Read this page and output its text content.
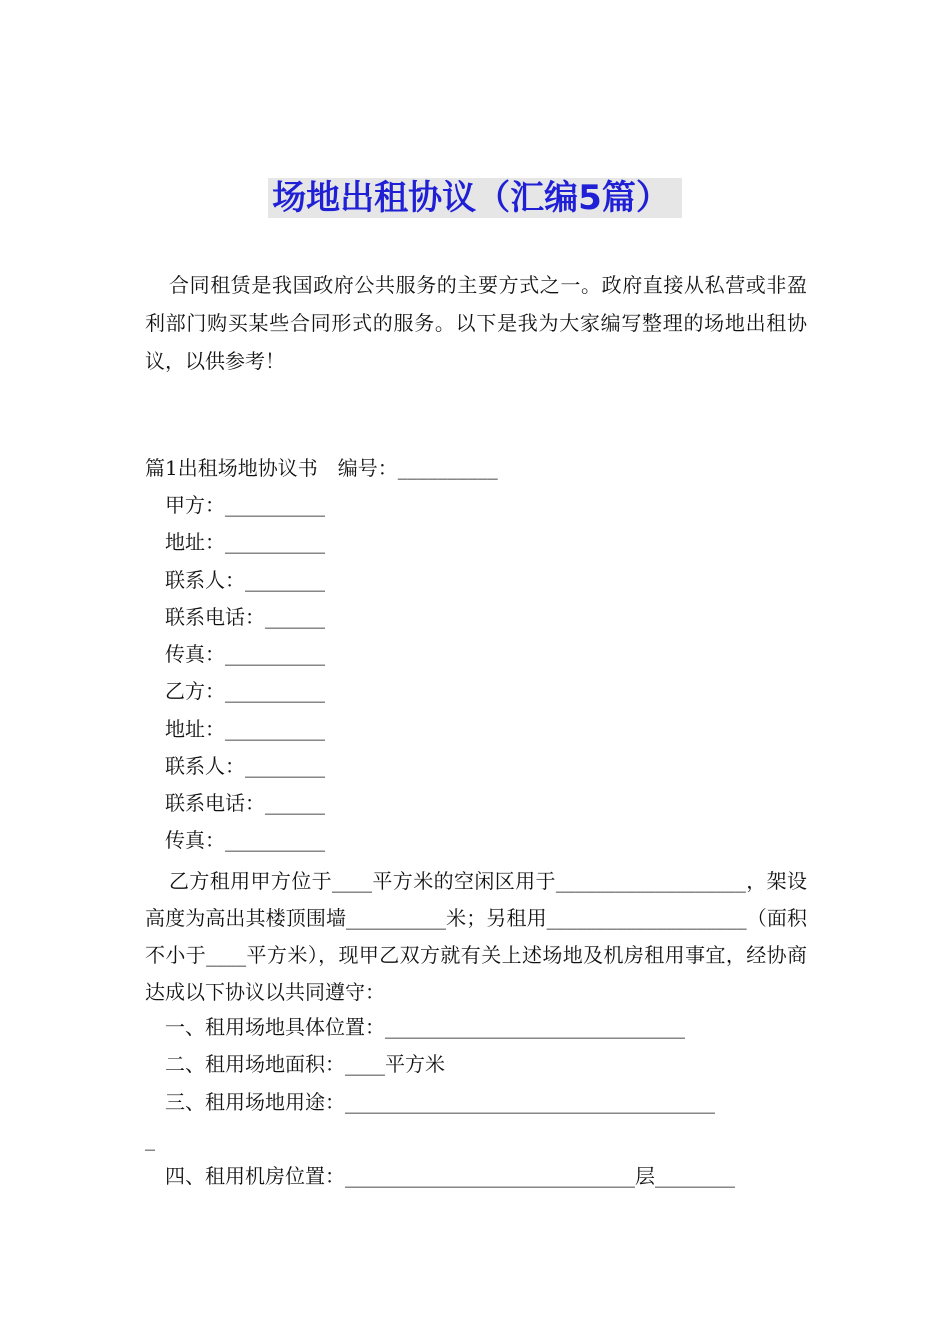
场地出租协议（汇编5篇）

合同租赁是我国政府公共服务的主要方式之一。政府直接从私营或非盈利部门购买某些合同形式的服务。以下是我为大家编写整理的场地出租协议，以供参考！

篇1出租场地协议书　编号：__________

甲方：__________

地址：__________

联系人：________

联系电话：______

传真：__________

乙方：__________

地址：__________

联系人：________

联系电话：______

传真：__________

乙方租用甲方位于____平方米的空闲区用于___________________，架设高度为高出其楼顶围墙__________米；另租用____________________（面积不小于____平方米），现甲乙双方就有关上述场地及机房租用事宜，经协商达成以下协议以共同遵守：

一、租用场地具体位置：______________________________

二、租用场地面积：____平方米

三、租用场地用途：_____________________________________

_

四、租用机房位置：_____________________________层________
